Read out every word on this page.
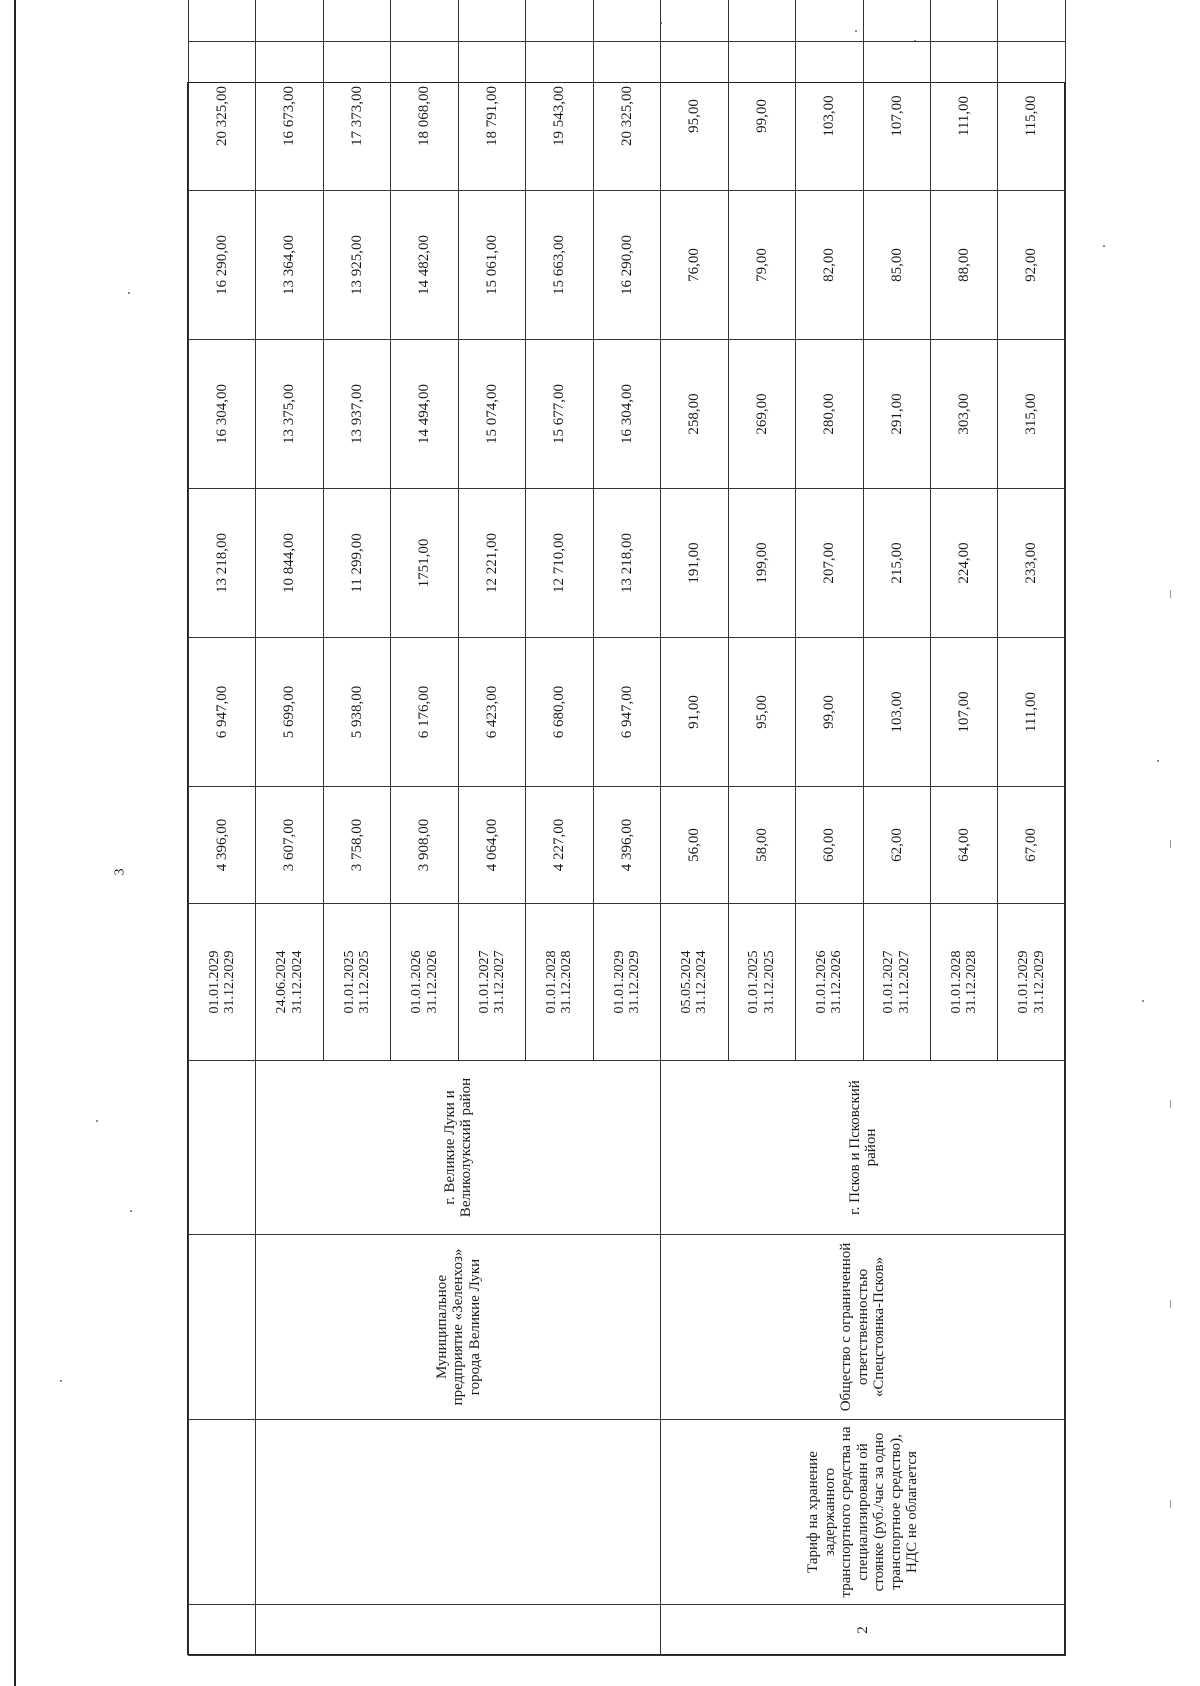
3

				01.01.2029 31.12.2029	4 396,00	6 947,00	13 218,00	16 304,00	16 290,00	20 325,00	

		Муниципальное предприятие «Зеленхоз» города Великие Луки	г. Великие Луки и Великолукский район	24.06.2024 31.12.2024	3 607,00	5 699,00	10 844,00	13 375,00	13 364,00	16 673,00	

				01.01.2025 31.12.2025	3 758,00	5 938,00	11 299,00	13 937,00	13 925,00	17 373,00	

				01.01.2026 31.12.2026	3 908,00	6 176,00	1751,00	14 494,00	14 482,00	18 068,00	

				01.01.2027 31.12.2027	4 064,00	6 423,00	12 221,00	15 074,00	15 061,00	18 791,00	

				01.01.2028 31.12.2028	4 227,00	6 680,00	12 710,00	15 677,00	15 663,00	19 543,00	

				01.01.2029 31.12.2029	4 396,00	6 947,00	13 218,00	16 304,00	16 290,00	20 325,00	
2	Тариф на хранение задержанного транспортного средства на специализированн ой стоянке (руб./час за одно транспортное средство), НДС не облагается	Общество с ограниченной ответственностью «Спецстоянка-Псков»	г. Псков и Псковский район	05.05.2024 31.12.2024	56,00	91,00	191,00	258,00	76,00	95,00	

				01.01.2025 31.12.2025	58,00	95,00	199,00	269,00	79,00	99,00	

				01.01.2026 31.12.2026	60,00	99,00	207,00	280,00	82,00	103,00	

				01.01.2027 31.12.2027	62,00	103,00	215,00	291,00	85,00	107,00	

				01.01.2028 31.12.2028	64,00	107,00	224,00	303,00	88,00	111,00	

				01.01.2029 31.12.2029	67,00	111,00	233,00	315,00	92,00	115,00	
